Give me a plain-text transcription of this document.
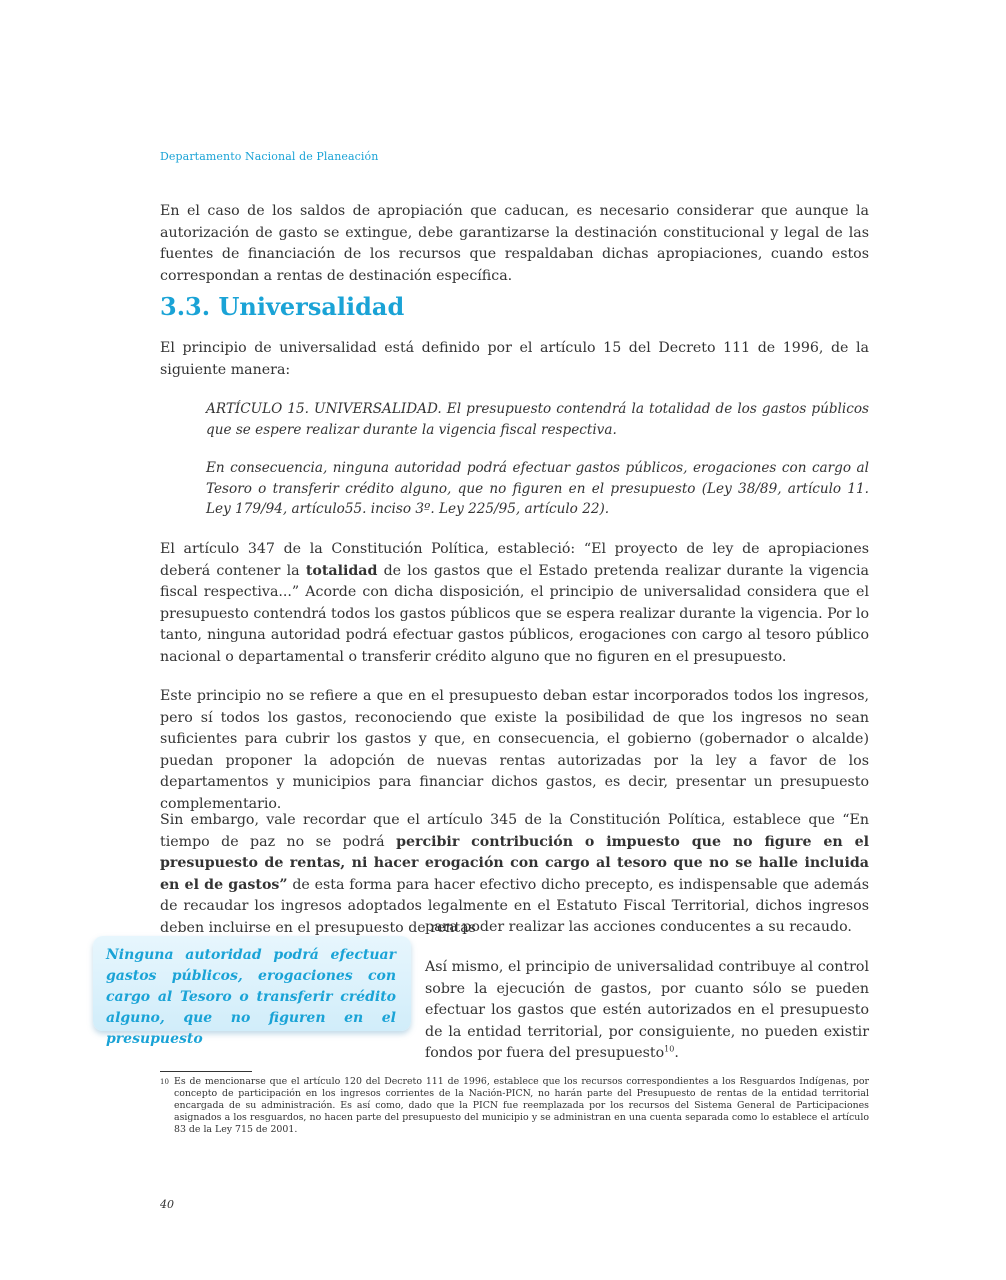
Departamento Nacional de Planeación
En el caso de los saldos de apropiación que caducan, es necesario considerar que aunque la autorización de gasto se extingue, debe garantizarse la destinación constitucional y legal de las fuentes de financiación de los recursos que respaldaban dichas apropiaciones, cuando estos correspondan a rentas de destinación específica.
3.3. Universalidad
El principio de universalidad está definido por el artículo 15 del Decreto 111 de 1996, de la siguiente manera:
ARTÍCULO 15. UNIVERSALIDAD. El presupuesto contendrá la totalidad de los gastos públicos que se espere realizar durante la vigencia fiscal respectiva.
En consecuencia, ninguna autoridad podrá efectuar gastos públicos, erogaciones con cargo al Tesoro o transferir crédito alguno, que no figuren en el presupuesto (Ley 38/89, artículo 11. Ley 179/94, artículo55. inciso 3º. Ley 225/95, artículo 22).
El artículo 347 de la Constitución Política, estableció: “El proyecto de ley de apropiaciones deberá contener la totalidad de los gastos que el Estado pretenda realizar durante la vigencia fiscal respectiva...” Acorde con dicha disposición, el principio de universalidad considera que el presupuesto contendrá todos los gastos públicos que se espera realizar durante la vigencia. Por lo tanto, ninguna autoridad podrá efectuar gastos públicos, erogaciones con cargo al tesoro público nacional o departamental o transferir crédito alguno que no figuren en el presupuesto.
Este principio no se refiere a que en el presupuesto deban estar incorporados todos los ingresos, pero sí todos los gastos, reconociendo que existe la posibilidad de que los ingresos no sean suficientes para cubrir los gastos y que, en consecuencia, el gobierno (gobernador o alcalde) puedan proponer la adopción de nuevas rentas autorizadas por la ley a favor de los departamentos y municipios para financiar dichos gastos, es decir, presentar un presupuesto complementario.
Sin embargo, vale recordar que el artículo 345 de la Constitución Política, establece que “En tiempo de paz no se podrá percibir contribución o impuesto que no figure en el presupuesto de rentas, ni hacer erogación con cargo al tesoro que no se halle incluida en el de gastos” de esta forma para hacer efectivo dicho precepto, es indispensable que además de recaudar los ingresos adoptados legalmente en el Estatuto Fiscal Territorial, dichos ingresos deben incluirse en el presupuesto de rentas
para poder realizar las acciones conducentes a su recaudo.
Así mismo, el principio de universalidad contribuye al control sobre la ejecución de gastos, por cuanto sólo se pueden efectuar los gastos que estén autorizados en el presupuesto de la entidad territorial, por consiguiente, no pueden existir fondos por fuera del presupuesto$^{10}$.
Ninguna autoridad podrá efectuar gastos públicos, erogaciones con cargo al Tesoro o transferir crédito alguno, que no figuren en el presupuesto
10 Es de mencionarse que el artículo 120 del Decreto 111 de 1996, establece que los recursos correspondientes a los Resguardos Indígenas, por concepto de participación en los ingresos corrientes de la Nación-PICN, no harán parte del Presupuesto de rentas de la entidad territorial encargada de su administración. Es así como, dado que la PICN fue reemplazada por los recursos del Sistema General de Participaciones asignados a los resguardos, no hacen parte del presupuesto del municipio y se administran en una cuenta separada como lo establece el artículo 83 de la Ley 715 de 2001.
40
